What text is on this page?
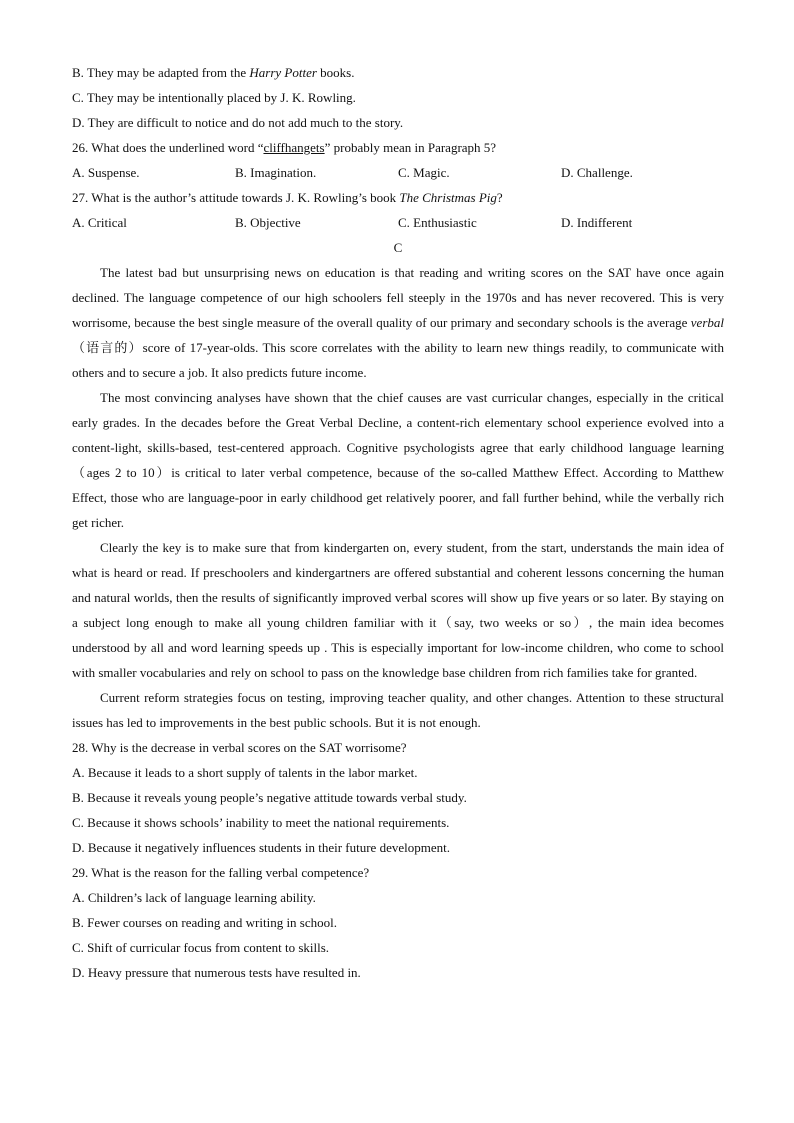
B. They may be adapted from the Harry Potter books.
C. They may be intentionally placed by J. K. Rowling.
D. They are difficult to notice and do not add much to the story.
26. What does the underlined word “cliffhangets” probably mean in Paragraph 5?
A. Suspense.	B. Imagination.	C. Magic.	D. Challenge.
27. What is the author’s attitude towards J. K. Rowling’s book The Christmas Pig?
A. Critical	B. Objective	C. Enthusiastic	D. Indifferent
C

The latest bad but unsurprising news on education is that reading and writing scores on the SAT have once again declined. The language competence of our high schoolers fell steeply in the 1970s and has never recovered. This is very worrisome, because the best single measure of the overall quality of our primary and secondary schools is the average verbal（语言的）score of 17-year-olds. This score correlates with the ability to learn new things readily, to communicate with others and to secure a job. It also predicts future income.

The most convincing analyses have shown that the chief causes are vast curricular changes, especially in the critical early grades. In the decades before the Great Verbal Decline, a content-rich elementary school experience evolved into a content-light, skills-based, test-centered approach. Cognitive psychologists agree that early childhood language learning（ages 2 to 10）is critical to later verbal competence, because of the so-called Matthew Effect. According to Matthew Effect, those who are language-poor in early childhood get relatively poorer, and fall further behind, while the verbally rich get richer.

Clearly the key is to make sure that from kindergarten on, every student, from the start, understands the main idea of what is heard or read. If preschoolers and kindergartners are offered substantial and coherent lessons concerning the human and natural worlds, then the results of significantly improved verbal scores will show up five years or so later. By staying on a subject long enough to make all young children familiar with it（say, two weeks or so）, the main idea becomes understood by all and word learning speeds up . This is especially important for low-income children, who come to school with smaller vocabularies and rely on school to pass on the knowledge base children from rich families take for granted.

Current reform strategies focus on testing, improving teacher quality, and other changes. Attention to these structural issues has led to improvements in the best public schools. But it is not enough.

28. Why is the decrease in verbal scores on the SAT worrisome?
A. Because it leads to a short supply of talents in the labor market.
B. Because it reveals young people’s negative attitude towards verbal study.
C. Because it shows schools’ inability to meet the national requirements.
D. Because it negatively influences students in their future development.
29. What is the reason for the falling verbal competence?
A. Children’s lack of language learning ability.
B. Fewer courses on reading and writing in school.
C. Shift of curricular focus from content to skills.
D. Heavy pressure that numerous tests have resulted in.
